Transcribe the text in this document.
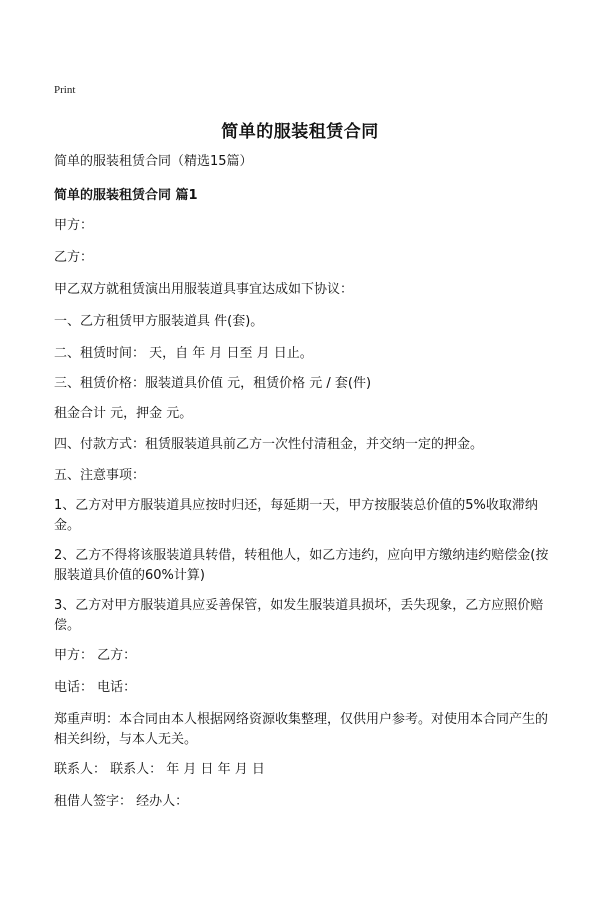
Print
简单的服装租赁合同

简单的服装租赁合同（精选15篇）

简单的服装租赁合同 篇1

甲方：

乙方：

甲乙双方就租赁演出用服装道具事宜达成如下协议：

一、乙方租赁甲方服装道具 件(套)。

二、租赁时间： 天，自 年 月 日至 月 日止。

三、租赁价格：服装道具价值 元，租赁价格 元 / 套(件)

租金合计 元，押金 元。

四、付款方式：租赁服装道具前乙方一次性付清租金，并交纳一定的押金。

五、注意事项：

1、乙方对甲方服装道具应按时归还，每延期一天，甲方按服装总价值的5%收取滞纳金。

2、乙方不得将该服装道具转借，转租他人，如乙方违约，应向甲方缴纳违约赔偿金(按服装道具价值的60%计算)

3、乙方对甲方服装道具应妥善保管，如发生服装道具损坏，丢失现象，乙方应照价赔偿。

甲方： 乙方：

电话： 电话：

郑重声明：本合同由本人根据网络资源收集整理，仅供用户参考。对使用本合同产生的相关纠纷，与本人无关。

联系人： 联系人： 年 月 日 年 月 日

租借人签字： 经办人：
